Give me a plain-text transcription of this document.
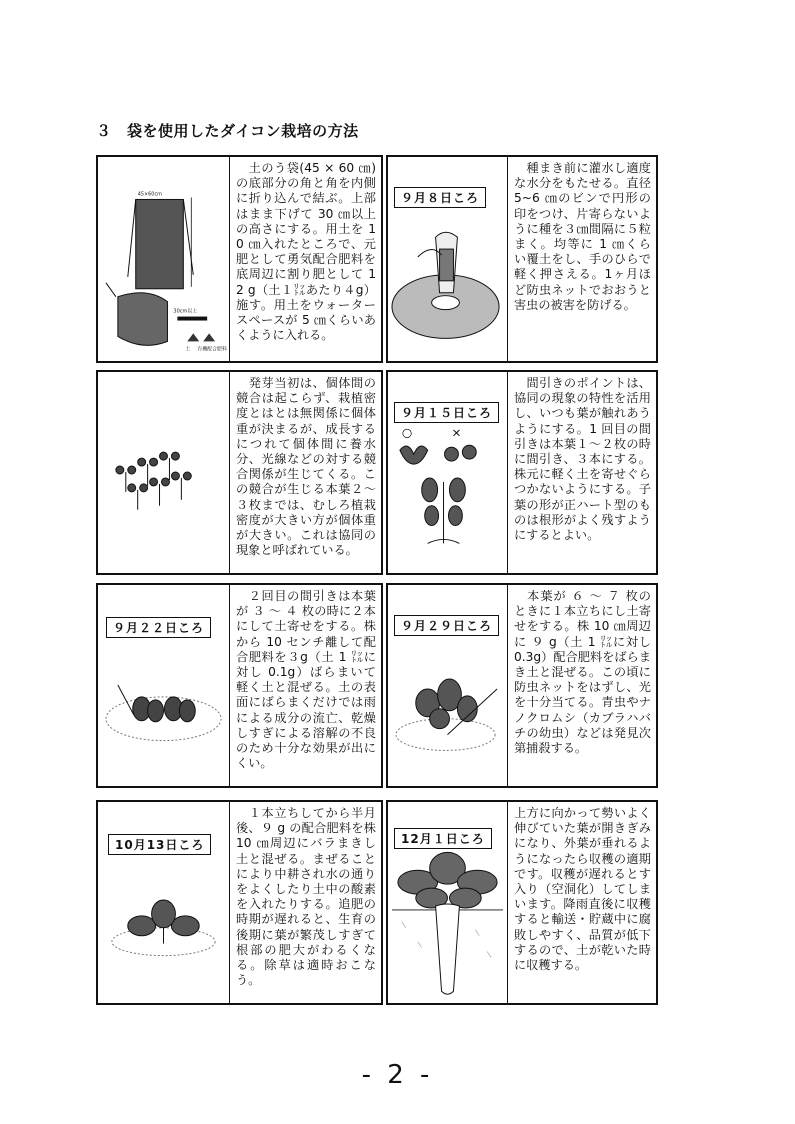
３　袋を使用したダイコン栽培の方法
45×60cm
30cm以上
土 有機配合肥料
　土のう袋(45 × 60 ㎝)の底部分の角と角を内側に折り込んで結ぶ。上部はまま下げて 30 ㎝以上の高さにする。用土を 10 ㎝入れたところで、元肥として勇気配合肥料を底周辺に割り肥として 12 g（土１㍑あたり４g）施す。用土をウォータースペースが 5 ㎝くらいあくように入れる。
９月８日ころ
　種まき前に灌水し適度な水分をもたせる。直径 5~6 ㎝のビンで円形の印をつけ、片寄らないように種を３㎝間隔に５粒まく。均等に 1 ㎝くらい覆土をし、手のひらで軽く押さえる。1ヶ月ほど防虫ネットでおおうと害虫の被害を防げる。
　発芽当初は、個体間の競合は起こらず、栽植密度とはとは無関係に個体重が決まるが、成長するにつれて個体間に養水分、光線などの対する競合関係が生じてくる。この競合が生じる本葉２～３枚までは、むしろ植栽密度が大きい方が個体重が大きい。これは協同の現象と呼ばれている。
○	×
９月１５日ころ
　間引きのポイントは、協同の現象の特性を活用し、いつも葉が触れあうようにする。1 回目の間引きは本葉１～２枚の時に間引き、３本にする。株元に軽く土を寄せぐらつかないようにする。子葉の形が正ハート型のものは根形がよく残すようにするとよい。
９月２２日ころ
　２回目の間引きは本葉が ３ ～ ４ 枚の時に２本にして土寄せをする。株から 10 センチ離して配合肥料を３g（土 1 ㍑に対し 0.1g）ばらまいて軽く土と混ぜる。土の表面にばらまくだけでは雨による成分の流亡、乾燥しすぎによる溶解の不良のため十分な効果が出にくい。
９月２９日ころ
　本葉が ６ ～ ７ 枚のときに１本立ちにし土寄せをする。株 10 ㎝周辺に ９ g（土 1 ㍑に対し 0.3g）配合肥料をばらまき土と混ぜる。この頃に防虫ネットをはずし、光を十分当てる。青虫やナノクロムシ（カブラハバチの幼虫）などは発見次第捕殺する。
10月13日ころ
　１本立ちしてから半月後、９ g の配合肥料を株 10 ㎝周辺にバラまきし土と混ぜる。まぜることにより中耕され水の通りをよくしたり土中の酸素を入れたりする。追肥の時期が遅れると、生育の後期に葉が繁茂しすぎて根部の肥大がわるくなる。除草は適時おこなう。
12月１日ころ
上方に向かって勢いよく伸びていた葉が開きぎみになり、外葉が垂れるようになったら収穫の適期です。収穫が遅れるとす入り（空洞化）してしまいます。降雨直後に収穫すると輸送・貯蔵中に腐敗しやすく、品質が低下するので、土が乾いた時に収穫する。
- 2 -
